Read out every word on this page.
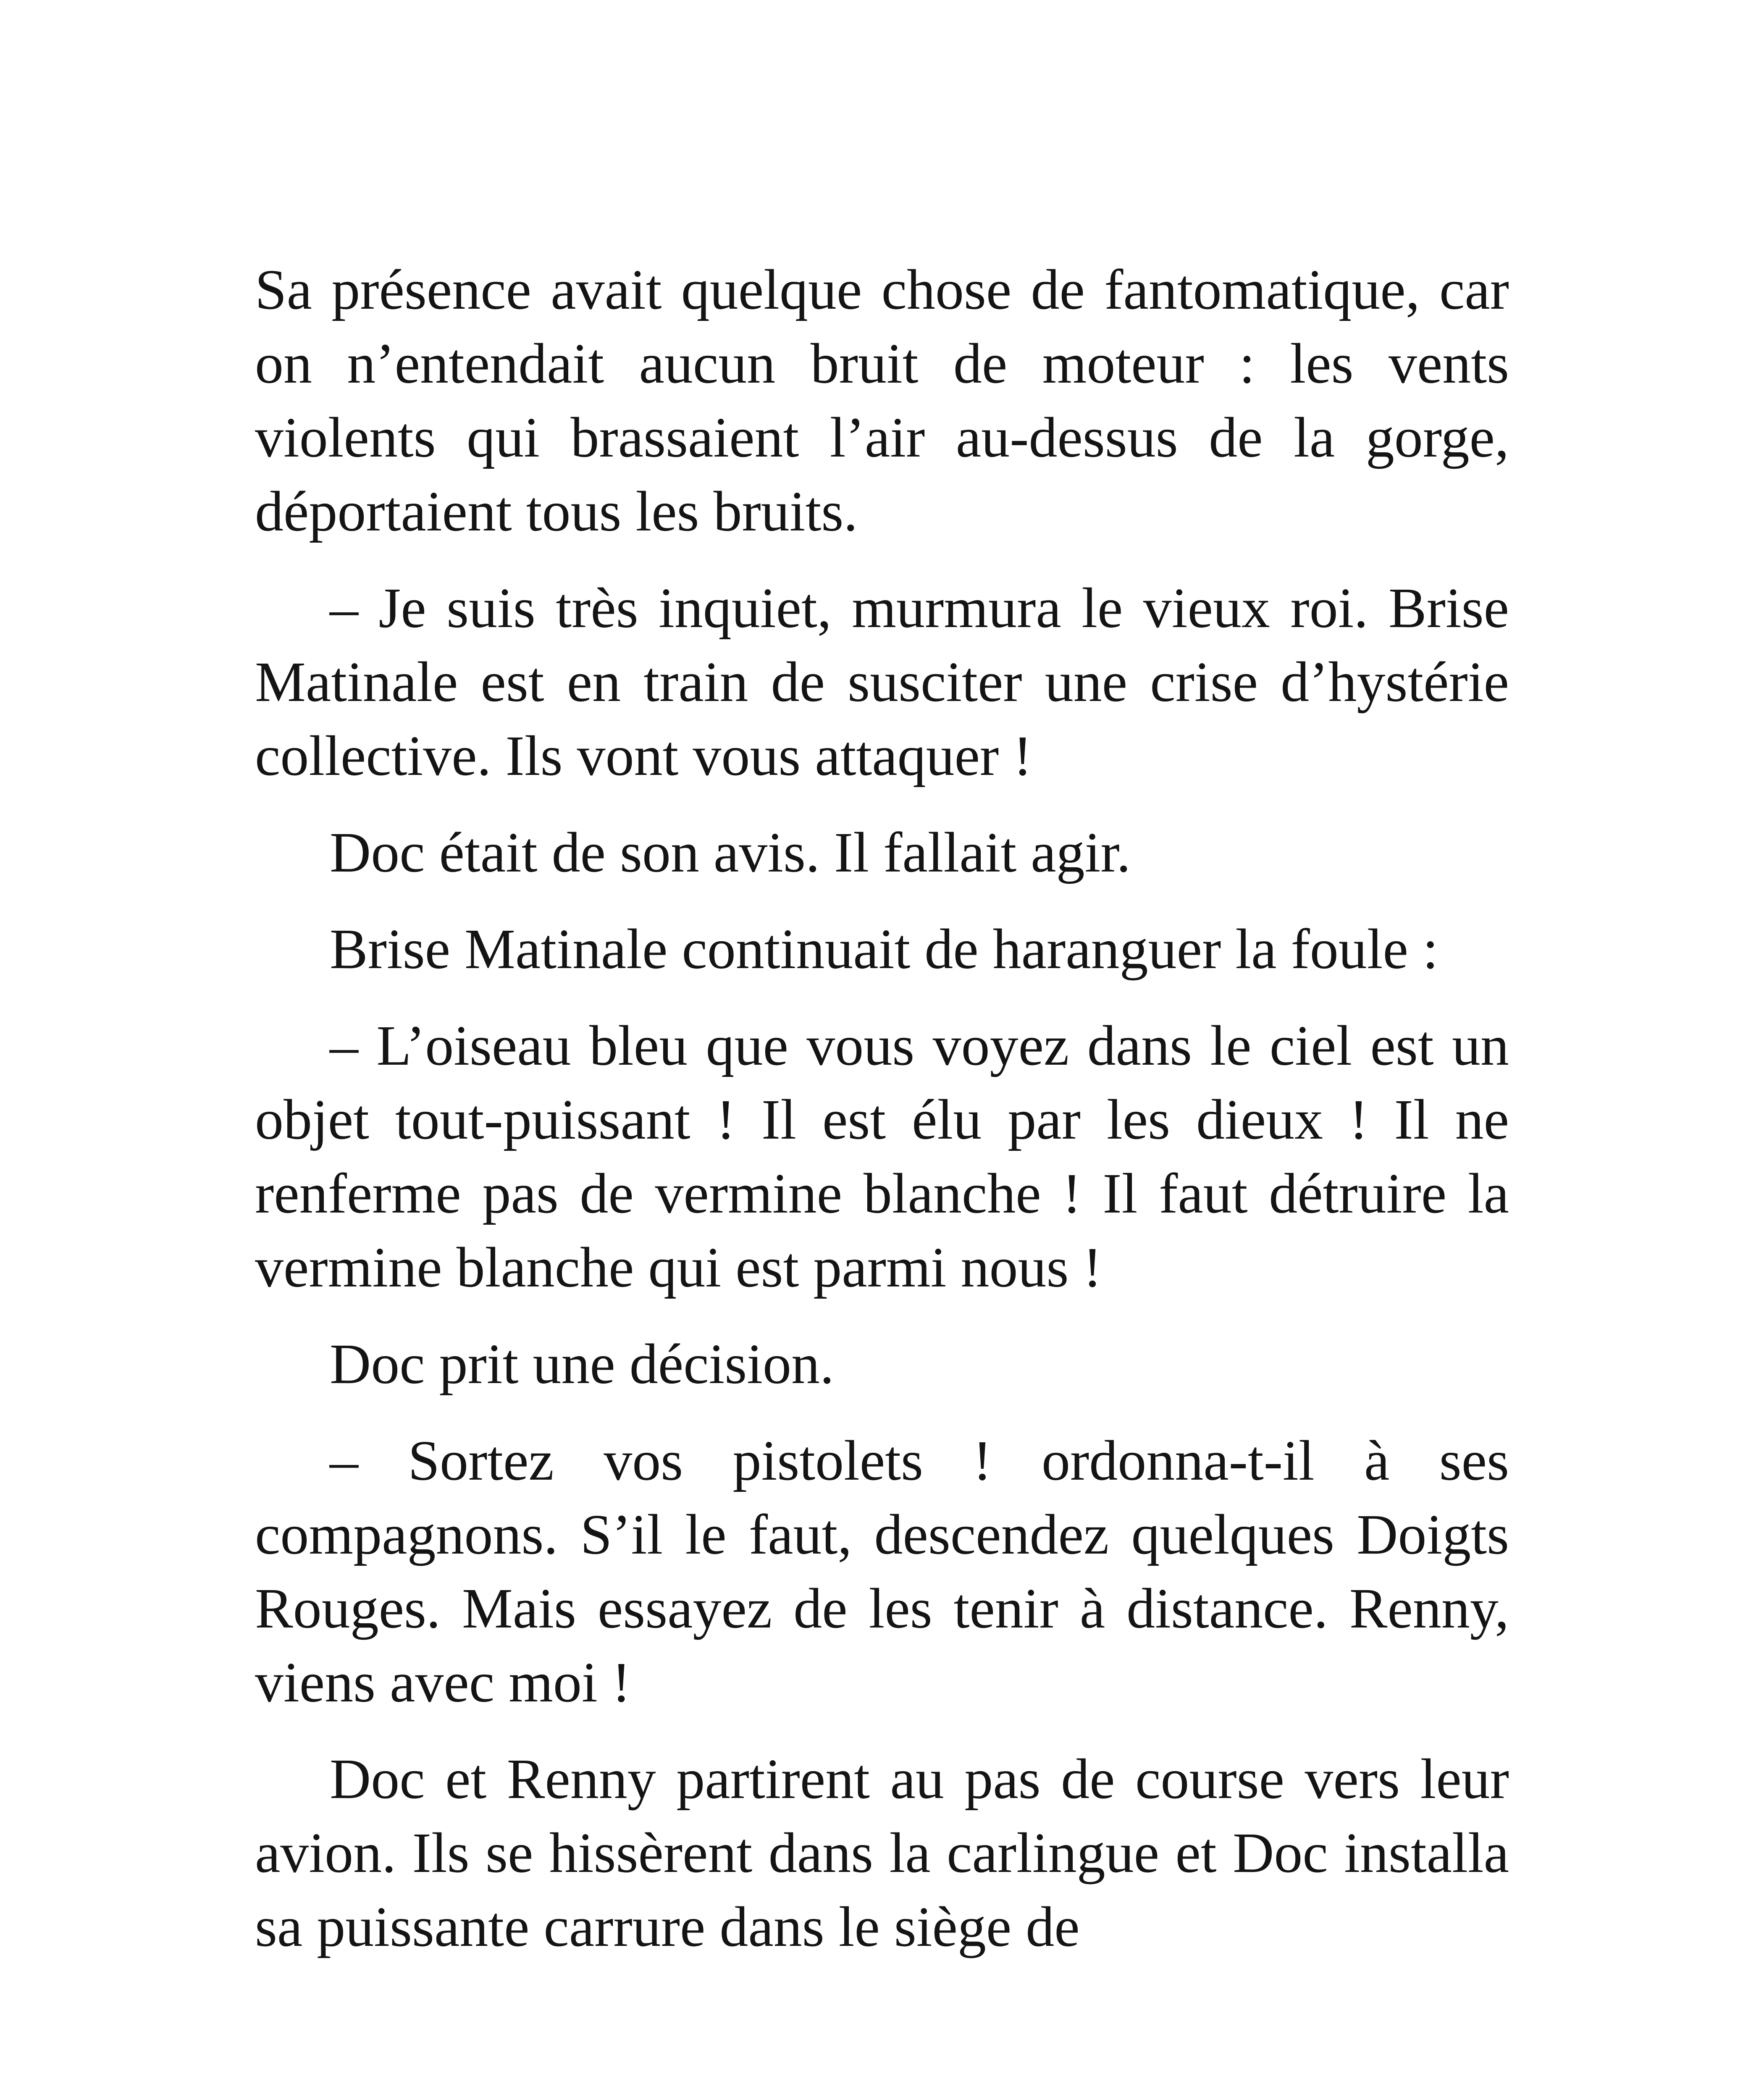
Sa présence avait quelque chose de fantomatique, car on n’entendait aucun bruit de moteur : les vents violents qui brassaient l’air au-dessus de la gorge, déportaient tous les bruits.

– Je suis très inquiet, murmura le vieux roi. Brise Matinale est en train de susciter une crise d’hystérie collective. Ils vont vous attaquer !

Doc était de son avis. Il fallait agir.

Brise Matinale continuait de haranguer la foule :

– L’oiseau bleu que vous voyez dans le ciel est un objet tout-puissant ! Il est élu par les dieux ! Il ne renferme pas de vermine blanche ! Il faut détruire la vermine blanche qui est parmi nous !

Doc prit une décision.

– Sortez vos pistolets ! ordonna-t-il à ses compagnons. S’il le faut, descendez quelques Doigts Rouges. Mais essayez de les tenir à distance. Renny, viens avec moi !

Doc et Renny partirent au pas de course vers leur avion. Ils se hissèrent dans la carlingue et Doc installa sa puissante carrure dans le siège de
